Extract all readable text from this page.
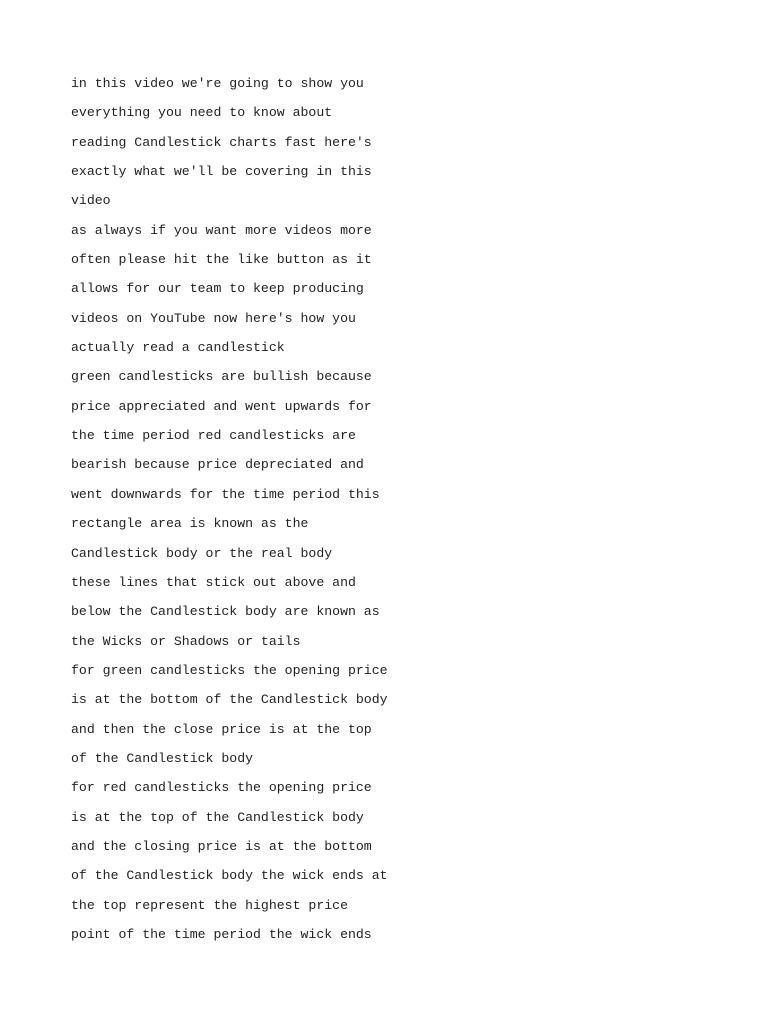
in this video we're going to show you
everything you need to know about
reading Candlestick charts fast here's
exactly what we'll be covering in this
video
as always if you want more videos more
often please hit the like button as it
allows for our team to keep producing
videos on YouTube now here's how you
actually read a candlestick
green candlesticks are bullish because
price appreciated and went upwards for
the time period red candlesticks are
bearish because price depreciated and
went downwards for the time period this
rectangle area is known as the
Candlestick body or the real body
these lines that stick out above and
below the Candlestick body are known as
the Wicks or Shadows or tails
for green candlesticks the opening price
is at the bottom of the Candlestick body
and then the close price is at the top
of the Candlestick body
for red candlesticks the opening price
is at the top of the Candlestick body
and the closing price is at the bottom
of the Candlestick body the wick ends at
the top represent the highest price
point of the time period the wick ends
